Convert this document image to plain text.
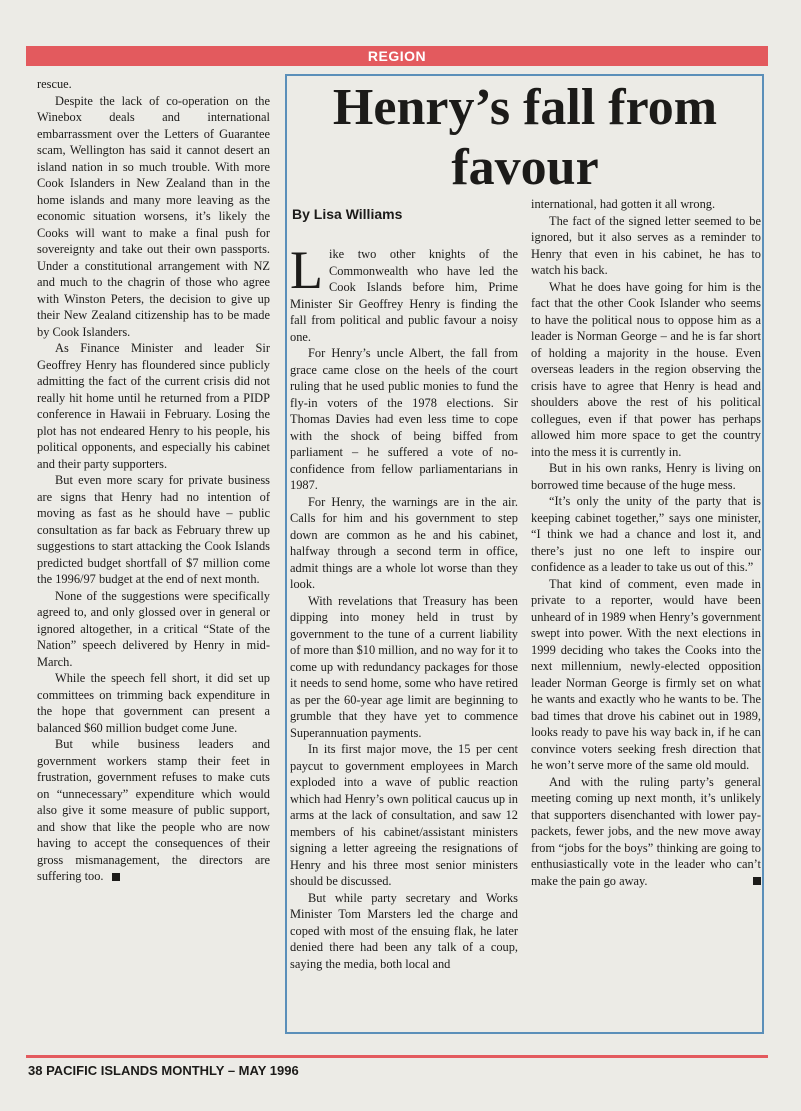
REGION

rescue.

Despite the lack of co-operation on the Winebox deals and international embarrassment over the Letters of Guarantee scam, Wellington has said it cannot desert an island nation in so much trouble. With more Cook Islanders in New Zealand than in the home islands and many more leaving as the economic situation worsens, it’s likely the Cooks will want to make a final push for sovereignty and take out their own passports. Under a constitutional arrangement with NZ and much to the chagrin of those who agree with Winston Peters, the decision to give up their New Zealand citizenship has to be made by Cook Islanders.

As Finance Minister and leader Sir Geoffrey Henry has floundered since publicly admitting the fact of the current crisis did not really hit home until he returned from a PIDP conference in Hawaii in February. Losing the plot has not endeared Henry to his people, his political opponents, and especially his cabinet and their party supporters.

But even more scary for private business are signs that Henry had no intention of moving as fast as he should have – public consultation as far back as February threw up suggestions to start attacking the Cook Islands predicted budget shortfall of $7 million come the 1996/97 budget at the end of next month.

None of the suggestions were specifically agreed to, and only glossed over in general or ignored altogether, in a critical “State of the Nation” speech delivered by Henry in mid-March.

While the speech fell short, it did set up committees on trimming back expenditure in the hope that government can present a balanced $60 million budget come June.

But while business leaders and government workers stamp their feet in frustration, government refuses to make cuts on “unnecessary” expenditure which would also give it some measure of public support, and show that like the people who are now having to accept the consequences of their gross mismanagement, the directors are suffering too.

Henry’s fall from favour
By Lisa Williams

Like two other knights of the Commonwealth who have led the Cook Islands before him, Prime Minister Sir Geoffrey Henry is finding the fall from political and public favour a noisy one.

For Henry’s uncle Albert, the fall from grace came close on the heels of the court ruling that he used public monies to fund the fly-in voters of the 1978 elections. Sir Thomas Davies had even less time to cope with the shock of being biffed from parliament – he suffered a vote of no-confidence from fellow parliamentarians in 1987.

For Henry, the warnings are in the air. Calls for him and his government to step down are common as he and his cabinet, halfway through a second term in office, admit things are a whole lot worse than they look.

With revelations that Treasury has been dipping into money held in trust by government to the tune of a current liability of more than $10 million, and no way for it to come up with redundancy packages for those it needs to send home, some who have retired as per the 60-year age limit are beginning to grumble that they have yet to commence Superannuation payments.

In its first major move, the 15 per cent paycut to government employees in March exploded into a wave of public reaction which had Henry’s own political caucus up in arms at the lack of consultation, and saw 12 members of his cabinet/assistant ministers signing a letter agreeing the resignations of Henry and his three most senior ministers should be discussed.

But while party secretary and Works Minister Tom Marsters led the charge and coped with most of the ensuing flak, he later denied there had been any talk of a coup, saying the media, both local and

international, had gotten it all wrong.

The fact of the signed letter seemed to be ignored, but it also serves as a reminder to Henry that even in his cabinet, he has to watch his back.

What he does have going for him is the fact that the other Cook Islander who seems to have the political nous to oppose him as a leader is Norman George – and he is far short of holding a majority in the house. Even overseas leaders in the region observing the crisis have to agree that Henry is head and shoulders above the rest of his political collegues, even if that power has perhaps allowed him more space to get the country into the mess it is currently in.

But in his own ranks, Henry is living on borrowed time because of the huge mess.

“It’s only the unity of the party that is keeping cabinet together,” says one minister, “I think we had a chance and lost it, and there’s just no one left to inspire our confidence as a leader to take us out of this.”

That kind of comment, even made in private to a reporter, would have been unheard of in 1989 when Henry’s government swept into power. With the next elections in 1999 deciding who takes the Cooks into the next millennium, newly-elected opposition leader Norman George is firmly set on what he wants and exactly who he wants to be. The bad times that drove his cabinet out in 1989, looks ready to pave his way back in, if he can convince voters seeking fresh direction that he won’t serve more of the same old mould.

And with the ruling party’s general meeting coming up next month, it’s unlikely that supporters disenchanted with lower pay-packets, fewer jobs, and the new move away from “jobs for the boys” thinking are going to enthusiastically vote in the leader who can’t make the pain go away.

38 PACIFIC ISLANDS MONTHLY – MAY 1996
